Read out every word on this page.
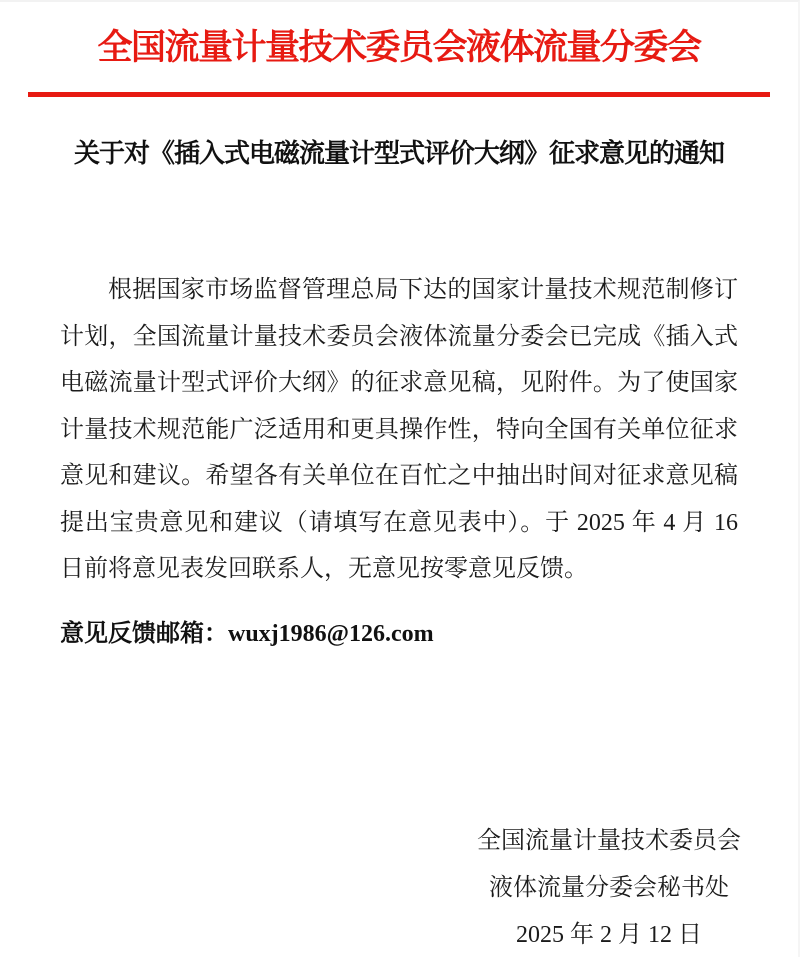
全国流量计量技术委员会液体流量分委会
关于对《插入式电磁流量计型式评价大纲》征求意见的通知

根据国家市场监督管理总局下达的国家计量技术规范制修订计划，全国流量计量技术委员会液体流量分委会已完成《插入式电磁流量计型式评价大纲》的征求意见稿，见附件。为了使国家计量技术规范能广泛适用和更具操作性，特向全国有关单位征求意见和建议。希望各有关单位在百忙之中抽出时间对征求意见稿提出宝贵意见和建议（请填写在意见表中）。于 2025 年 4 月 16 日前将意见表发回联系人，无意见按零意见反馈。

意见反馈邮箱：wuxj1986@126.com

全国流量计量技术委员会
液体流量分委会秘书处
2025 年 2 月 12 日
